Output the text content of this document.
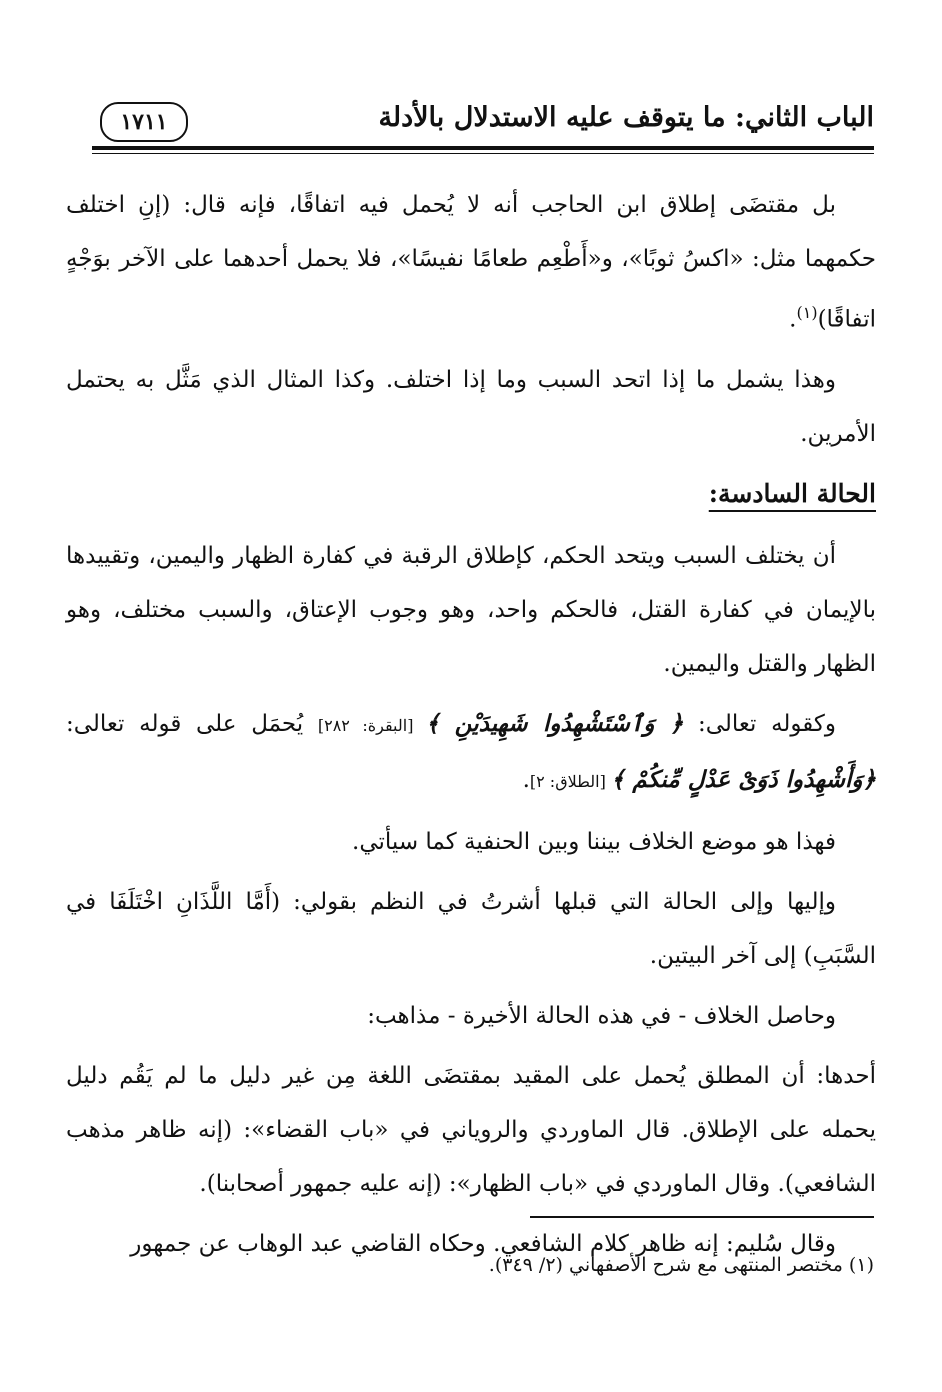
الباب الثاني: ما يتوقف عليه الاستدلال بالأدلة
١٧١١

بل مقتضَى إطلاق ابن الحاجب أنه لا يُحمل فيه اتفاقًا، فإنه قال: (إنِ اختلف حكمهما مثل: «اكسُ ثوبًا»، و«أَطْعِم طعامًا نفيسًا»، فلا يحمل أحدهما على الآخر بوَجْهٍ اتفاقًا)$^{(١)}$.

وهذا يشمل ما إذا اتحد السبب وما إذا اختلف. وكذا المثال الذي مَثَّل به يحتمل الأمرين.

الحالة السادسة:

أن يختلف السبب ويتحد الحكم، كإطلاق الرقبة في كفارة الظهار واليمين، وتقييدها بالإيمان في كفارة القتل، فالحكم واحد، وهو وجوب الإعتاق، والسبب مختلف، وهو الظهار والقتل واليمين.

وكقوله تعالى: ﴿ وَٱسْتَشْهِدُوا شَهِيدَيْنِ ﴾ [البقرة: ٢٨٢] يُحمَل على قوله تعالى: ﴿وَأَشْهِدُوا ذَوَىْ عَدْلٍ مِّنكُمْ ﴾ [الطلاق: ٢].

فهذا هو موضع الخلاف بيننا وبين الحنفية كما سيأتي.

وإليها وإلى الحالة التي قبلها أشرتُ في النظم بقولي: (أَمَّا اللَّذَانِ اخْتَلَفَا في السَّبَبِ) إلى آخر البيتين.

وحاصل الخلاف - في هذه الحالة الأخيرة - مذاهب:

أحدها: أن المطلق يُحمل على المقيد بمقتضَى اللغة مِن غير دليل ما لم يَقُم دليل يحمله على الإطلاق. قال الماوردي والروياني في «باب القضاء»: (إنه ظاهر مذهب الشافعي). وقال الماوردي في «باب الظهار»: (إنه عليه جمهور أصحابنا).

وقال سُليم: إنه ظاهر كلام الشافعي. وحكاه القاضي عبد الوهاب عن جمهور

(١) مختصر المنتهى مع شرح الأصفهاني (٢/ ٣٤٩).
